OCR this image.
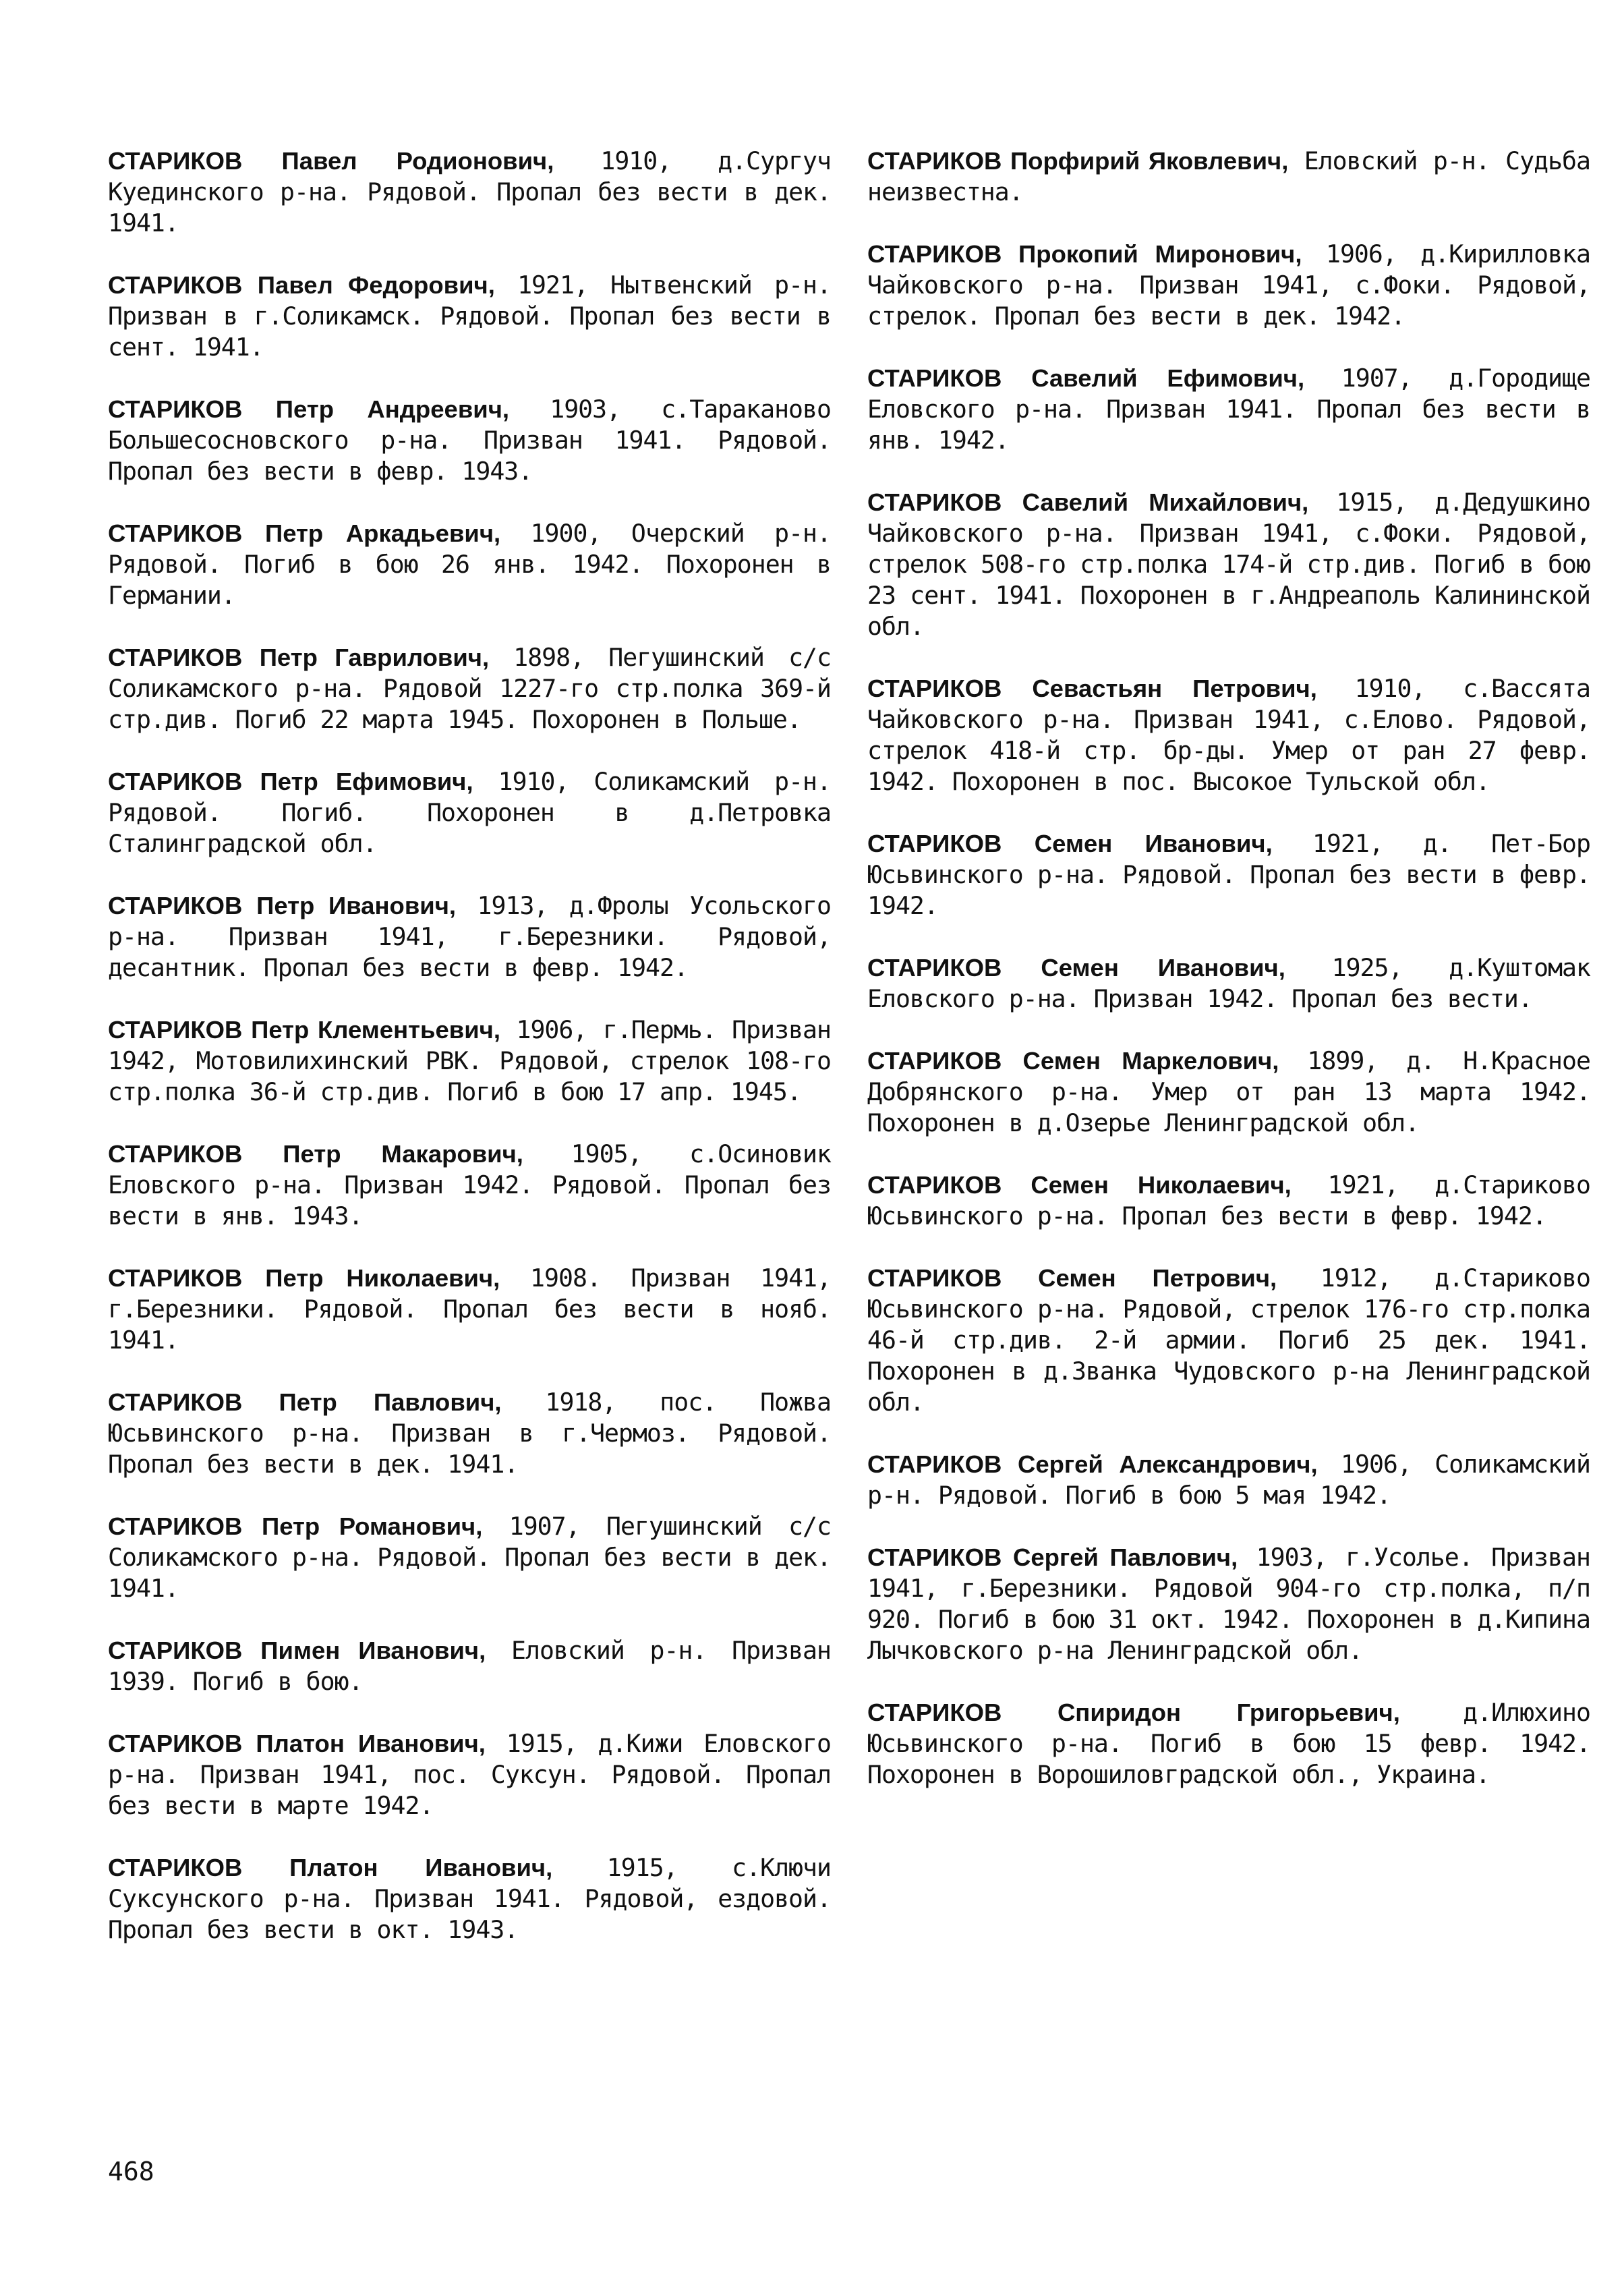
СТАРИКОВ Павел Родионович, 1910, д.Сургуч Куединского р-на. Рядовой. Пропал без вести в дек. 1941.

СТАРИКОВ Павел Федорович, 1921, Нытвенский р-н. Призван в г.Соликамск. Рядовой. Пропал без вести в сент. 1941.

СТАРИКОВ Петр Андреевич, 1903, с.Тараканово Большесосновского р-на. Призван 1941. Рядовой. Пропал без вести в февр. 1943.

СТАРИКОВ Петр Аркадьевич, 1900, Очерский р-н. Рядовой. Погиб в бою 26 янв. 1942. Похоронен в Германии.

СТАРИКОВ Петр Гаврилович, 1898, Пегушинский с/с Соликамского р-на. Рядовой 1227-го стр.полка 369-й стр.див. Погиб 22 марта 1945. Похоронен в Польше.

СТАРИКОВ Петр Ефимович, 1910, Соликамский р-н. Рядовой. Погиб. Похоронен в д.Петровка Сталинградской обл.

СТАРИКОВ Петр Иванович, 1913, д.Фролы Усольского р-на. Призван 1941, г.Березники. Рядовой, десантник. Пропал без вести в февр. 1942.

СТАРИКОВ Петр Клементьевич, 1906, г.Пермь. Призван 1942, Мотовилихинский РВК. Рядовой, стрелок 108-го стр.полка 36-й стр.див. Погиб в бою 17 апр. 1945.

СТАРИКОВ Петр Макарович, 1905, с.Осиновик Еловского р-на. Призван 1942. Рядовой. Пропал без вести в янв. 1943.

СТАРИКОВ Петр Николаевич, 1908. Призван 1941, г.Березники. Рядовой. Пропал без вести в нояб. 1941.

СТАРИКОВ Петр Павлович, 1918, пос. Пожва Юсьвинского р-на. Призван в г.Чермоз. Рядовой. Пропал без вести в дек. 1941.

СТАРИКОВ Петр Романович, 1907, Пегушинский с/с Соликамского р-на. Рядовой. Пропал без вести в дек. 1941.

СТАРИКОВ Пимен Иванович, Еловский р-н. Призван 1939. Погиб в бою.

СТАРИКОВ Платон Иванович, 1915, д.Кижи Еловского р-на. Призван 1941, пос. Суксун. Рядовой. Пропал без вести в марте 1942.

СТАРИКОВ Платон Иванович, 1915, с.Ключи Суксунского р-на. Призван 1941. Рядовой, ездовой. Пропал без вести в окт. 1943.

СТАРИКОВ Порфирий Яковлевич, Еловский р-н. Судьба неизвестна.

СТАРИКОВ Прокопий Миронович, 1906, д.Кирилловка Чайковского р-на. Призван 1941, с.Фоки. Рядовой, стрелок. Пропал без вести в дек. 1942.

СТАРИКОВ Савелий Ефимович, 1907, д.Городище Еловского р-на. Призван 1941. Пропал без вести в янв. 1942.

СТАРИКОВ Савелий Михайлович, 1915, д.Дедушкино Чайковского р-на. Призван 1941, с.Фоки. Рядовой, стрелок 508-го стр.полка 174-й стр.див. Погиб в бою 23 сент. 1941. Похоронен в г.Андреаполь Калининской обл.

СТАРИКОВ Севастьян Петрович, 1910, с.Вассята Чайковского р-на. Призван 1941, с.Елово. Рядовой, стрелок 418-й стр. бр-ды. Умер от ран 27 февр. 1942. Похоронен в пос. Высокое Тульской обл.

СТАРИКОВ Семен Иванович, 1921, д. Пет-Бор Юсьвинского р-на. Рядовой. Пропал без вести в февр. 1942.

СТАРИКОВ Семен Иванович, 1925, д.Куштомак Еловского р-на. Призван 1942. Пропал без вести.

СТАРИКОВ Семен Маркелович, 1899, д. Н.Красное Добрянского р-на. Умер от ран 13 марта 1942. Похоронен в д.Озерье Ленинградской обл.

СТАРИКОВ Семен Николаевич, 1921, д.Стариково Юсьвинского р-на. Пропал без вести в февр. 1942.

СТАРИКОВ Семен Петрович, 1912, д.Стариково Юсьвинского р-на. Рядовой, стрелок 176-го стр.полка 46-й стр.див. 2-й армии. Погиб 25 дек. 1941. Похоронен в д.Званка Чудовского р-на Ленинградской обл.

СТАРИКОВ Сергей Александрович, 1906, Соликамский р-н. Рядовой. Погиб в бою 5 мая 1942.

СТАРИКОВ Сергей Павлович, 1903, г.Усолье. Призван 1941, г.Березники. Рядовой 904-го стр.полка, п/п 920. Погиб в бою 31 окт. 1942. Похоронен в д.Кипина Лычковского р-на Ленинградской обл.

СТАРИКОВ Спиридон Григорьевич, д.Илюхино Юсьвинского р-на. Погиб в бою 15 февр. 1942. Похоронен в Ворошиловградской обл., Украина.

468
